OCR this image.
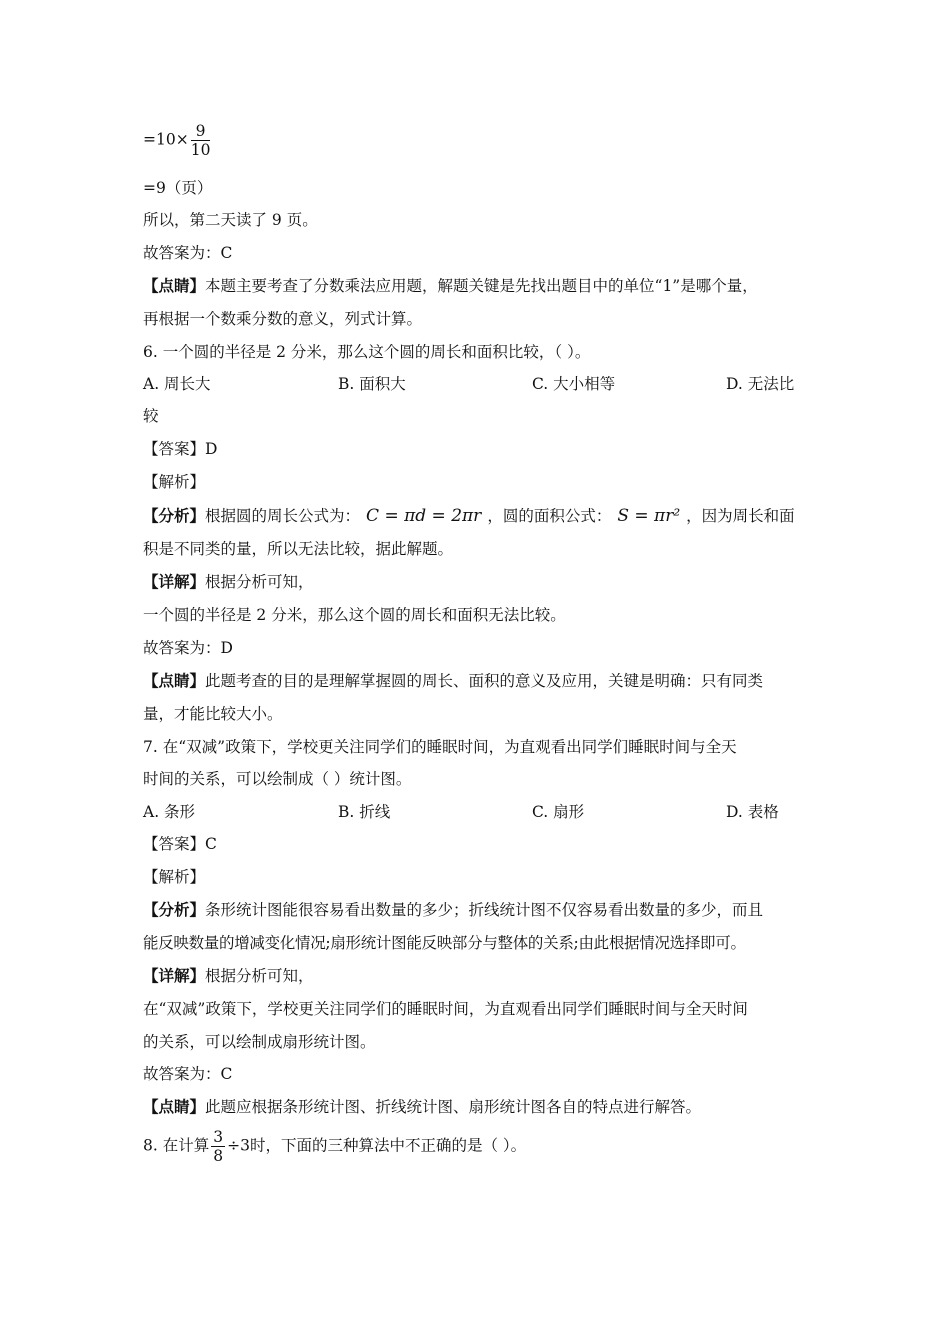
$=10\times \frac{9}{10}$
=9（页）
所以，第二天读了 9 页。
故答案为：C
【点睛】本题主要考查了分数乘法应用题，解题关键是先找出题目中的单位“1”是哪个量，
再根据一个数乘分数的意义，列式计算。
6. 一个圆的半径是 2 分米，那么这个圆的周长和面积比较，（ ）。
A. 周长大	B. 面积大	C. 大小相等	D. 无法比
较
【答案】D
【解析】
【分析】根据圆的周长公式为： C = πd = 2πr ，圆的面积公式： S = πr² ，因为周长和面
积是不同类的量，所以无法比较，据此解题。
【详解】根据分析可知，
一个圆的半径是 2 分米，那么这个圆的周长和面积无法比较。
故答案为：D
【点睛】此题考查的目的是理解掌握圆的周长、面积的意义及应用，关键是明确：只有同类
量，才能比较大小。
7. 在“双减”政策下，学校更关注同学们的睡眠时间，为直观看出同学们睡眠时间与全天
时间的关系，可以绘制成（ ）统计图。
A. 条形	B. 折线	C. 扇形	D. 表格
【答案】C
【解析】
【分析】条形统计图能很容易看出数量的多少；折线统计图不仅容易看出数量的多少，而且
能反映数量的增减变化情况;扇形统计图能反映部分与整体的关系;由此根据情况选择即可。
【详解】根据分析可知，
在“双减”政策下，学校更关注同学们的睡眠时间，为直观看出同学们睡眠时间与全天时间
的关系，可以绘制成扇形统计图。
故答案为：C
【点睛】此题应根据条形统计图、折线统计图、扇形统计图各自的特点进行解答。
8. 在计算 $\frac{3}{8} \div 3$时，下面的三种算法中不正确的是（ ）。
